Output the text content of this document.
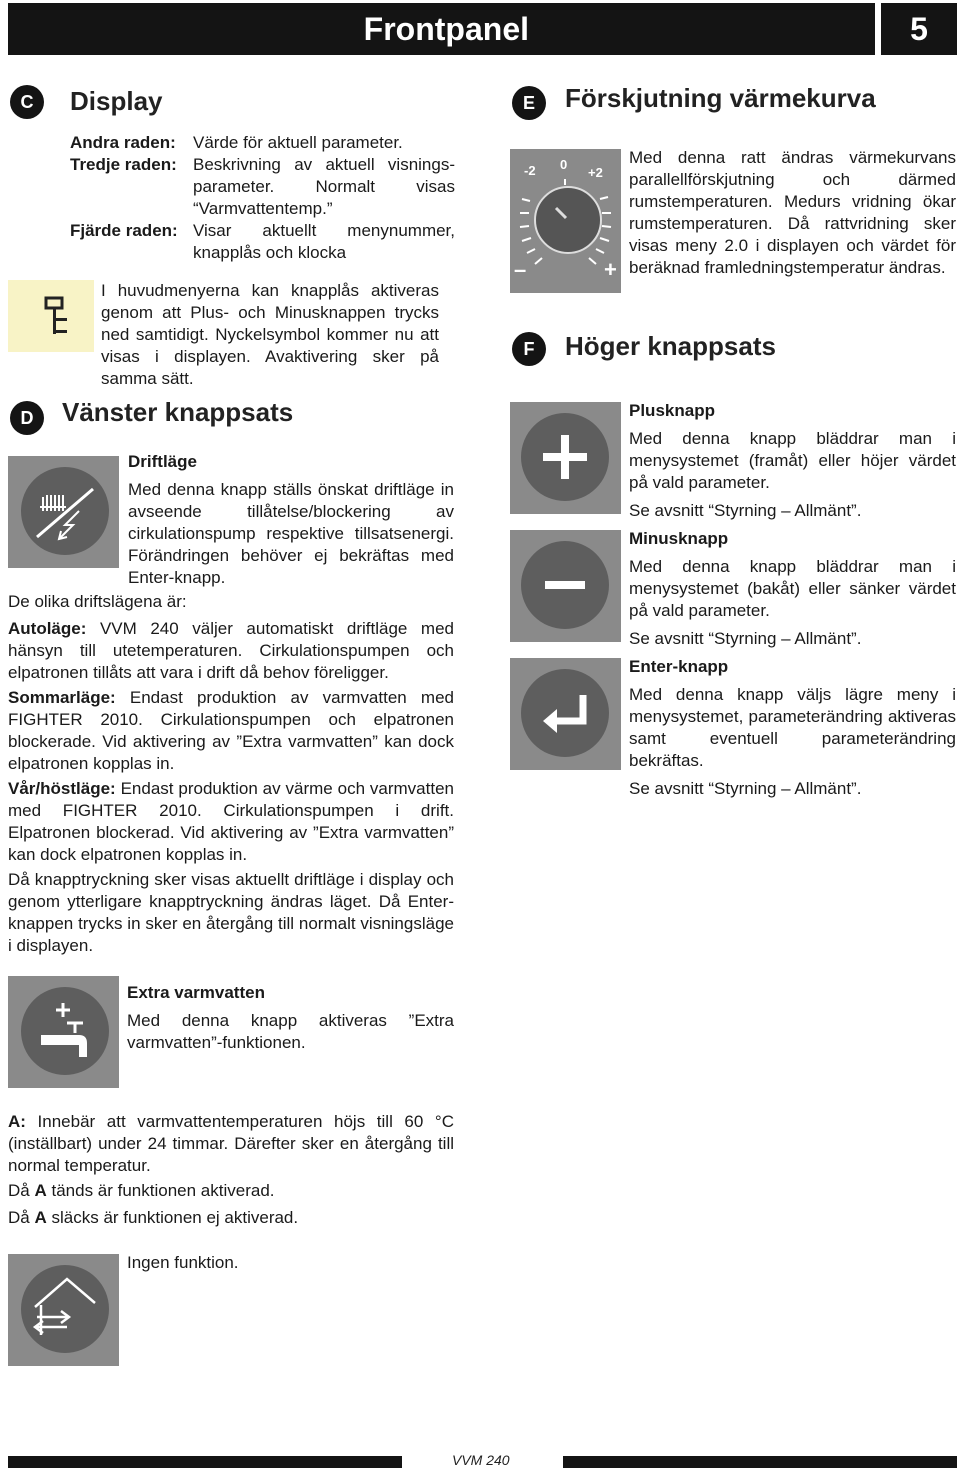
Frontpanel	5
C	Display
Andra raden:	Värde för aktuell parameter.
Tredje raden: Beskrivning av aktuell visnings-parameter. Normalt visas “Varmvattentemp.”
Fjärde raden: Visar aktuellt menynummer, knapplås och klocka
I huvudmenyerna kan knapplås aktiveras genom att Plus- och Minusknappen trycks ned samtidigt. Nyckelsymbol kommer nu att visas i displayen. Avaktivering sker på samma sätt.
D	Vänster knappsats
Driftläge
Med denna knapp ställs önskat driftläge in avseende tillåtelse/blockering av cirkulationspump respektive tillsatsenergi. Förändringen behöver ej bekräftas med Enter-knapp.
De olika driftslägena är:
Autoläge: VVM 240 väljer automatiskt driftläge med hänsyn till utetemperaturen. Cirkulationspumpen och elpatronen tillåts att vara i drift då behov föreligger.
Sommarläge: Endast produktion av varmvatten med FIGHTER 2010. Cirkulationspumpen och elpatronen blockerade. Vid aktivering av ”Extra varmvatten” kan dock elpatronen kopplas in.
Vår/höstläge: Endast produktion av värme och varmvatten med FIGHTER 2010. Cirkulationspumpen i drift. Elpatronen blockerad. Vid aktivering av ”Extra varmvatten” kan dock elpatronen kopplas in.
Då knapptryckning sker visas aktuellt driftläge i display och genom ytterligare knapptryckning ändras läget. Då Enter-knappen trycks in sker en återgång till normalt visningsläge i displayen.
Extra varmvatten
Med denna knapp aktiveras ”Extra varmvatten”-funktionen.
A: Innebär att varmvattentemperaturen höjs till 60 °C (inställbart) under 24 timmar. Därefter sker en återgång till normal temperatur.
Då A tänds är funktionen aktiverad.
Då A släcks är funktionen ej aktiverad.
Ingen funktion.
E	Förskjutning värmekurva
-2 0
+2
–	+
Med denna ratt ändras värmekurvans parallellförskjutning och därmed rumstemperaturen. Medurs vridning ökar rumstemperaturen. Då rattvridning sker visas meny 2.0 i displayen och värdet för beräknad framledningstemperatur ändras.
F	Höger knappsats
Plusknapp
Med denna knapp bläddrar man i menysystemet (framåt) eller höjer värdet på vald parameter.
Se avsnitt “Styrning – Allmänt”.
Minusknapp
Med denna knapp bläddrar man i menysystemet (bakåt) eller sänker värdet på vald parameter.
Se avsnitt “Styrning – Allmänt”.
Enter-knapp
Med denna knapp väljs lägre meny i menysystemet, parameterändring aktiveras samt eventuell parameterändring bekräftas.
Se avsnitt “Styrning – Allmänt”.
VVM 240
